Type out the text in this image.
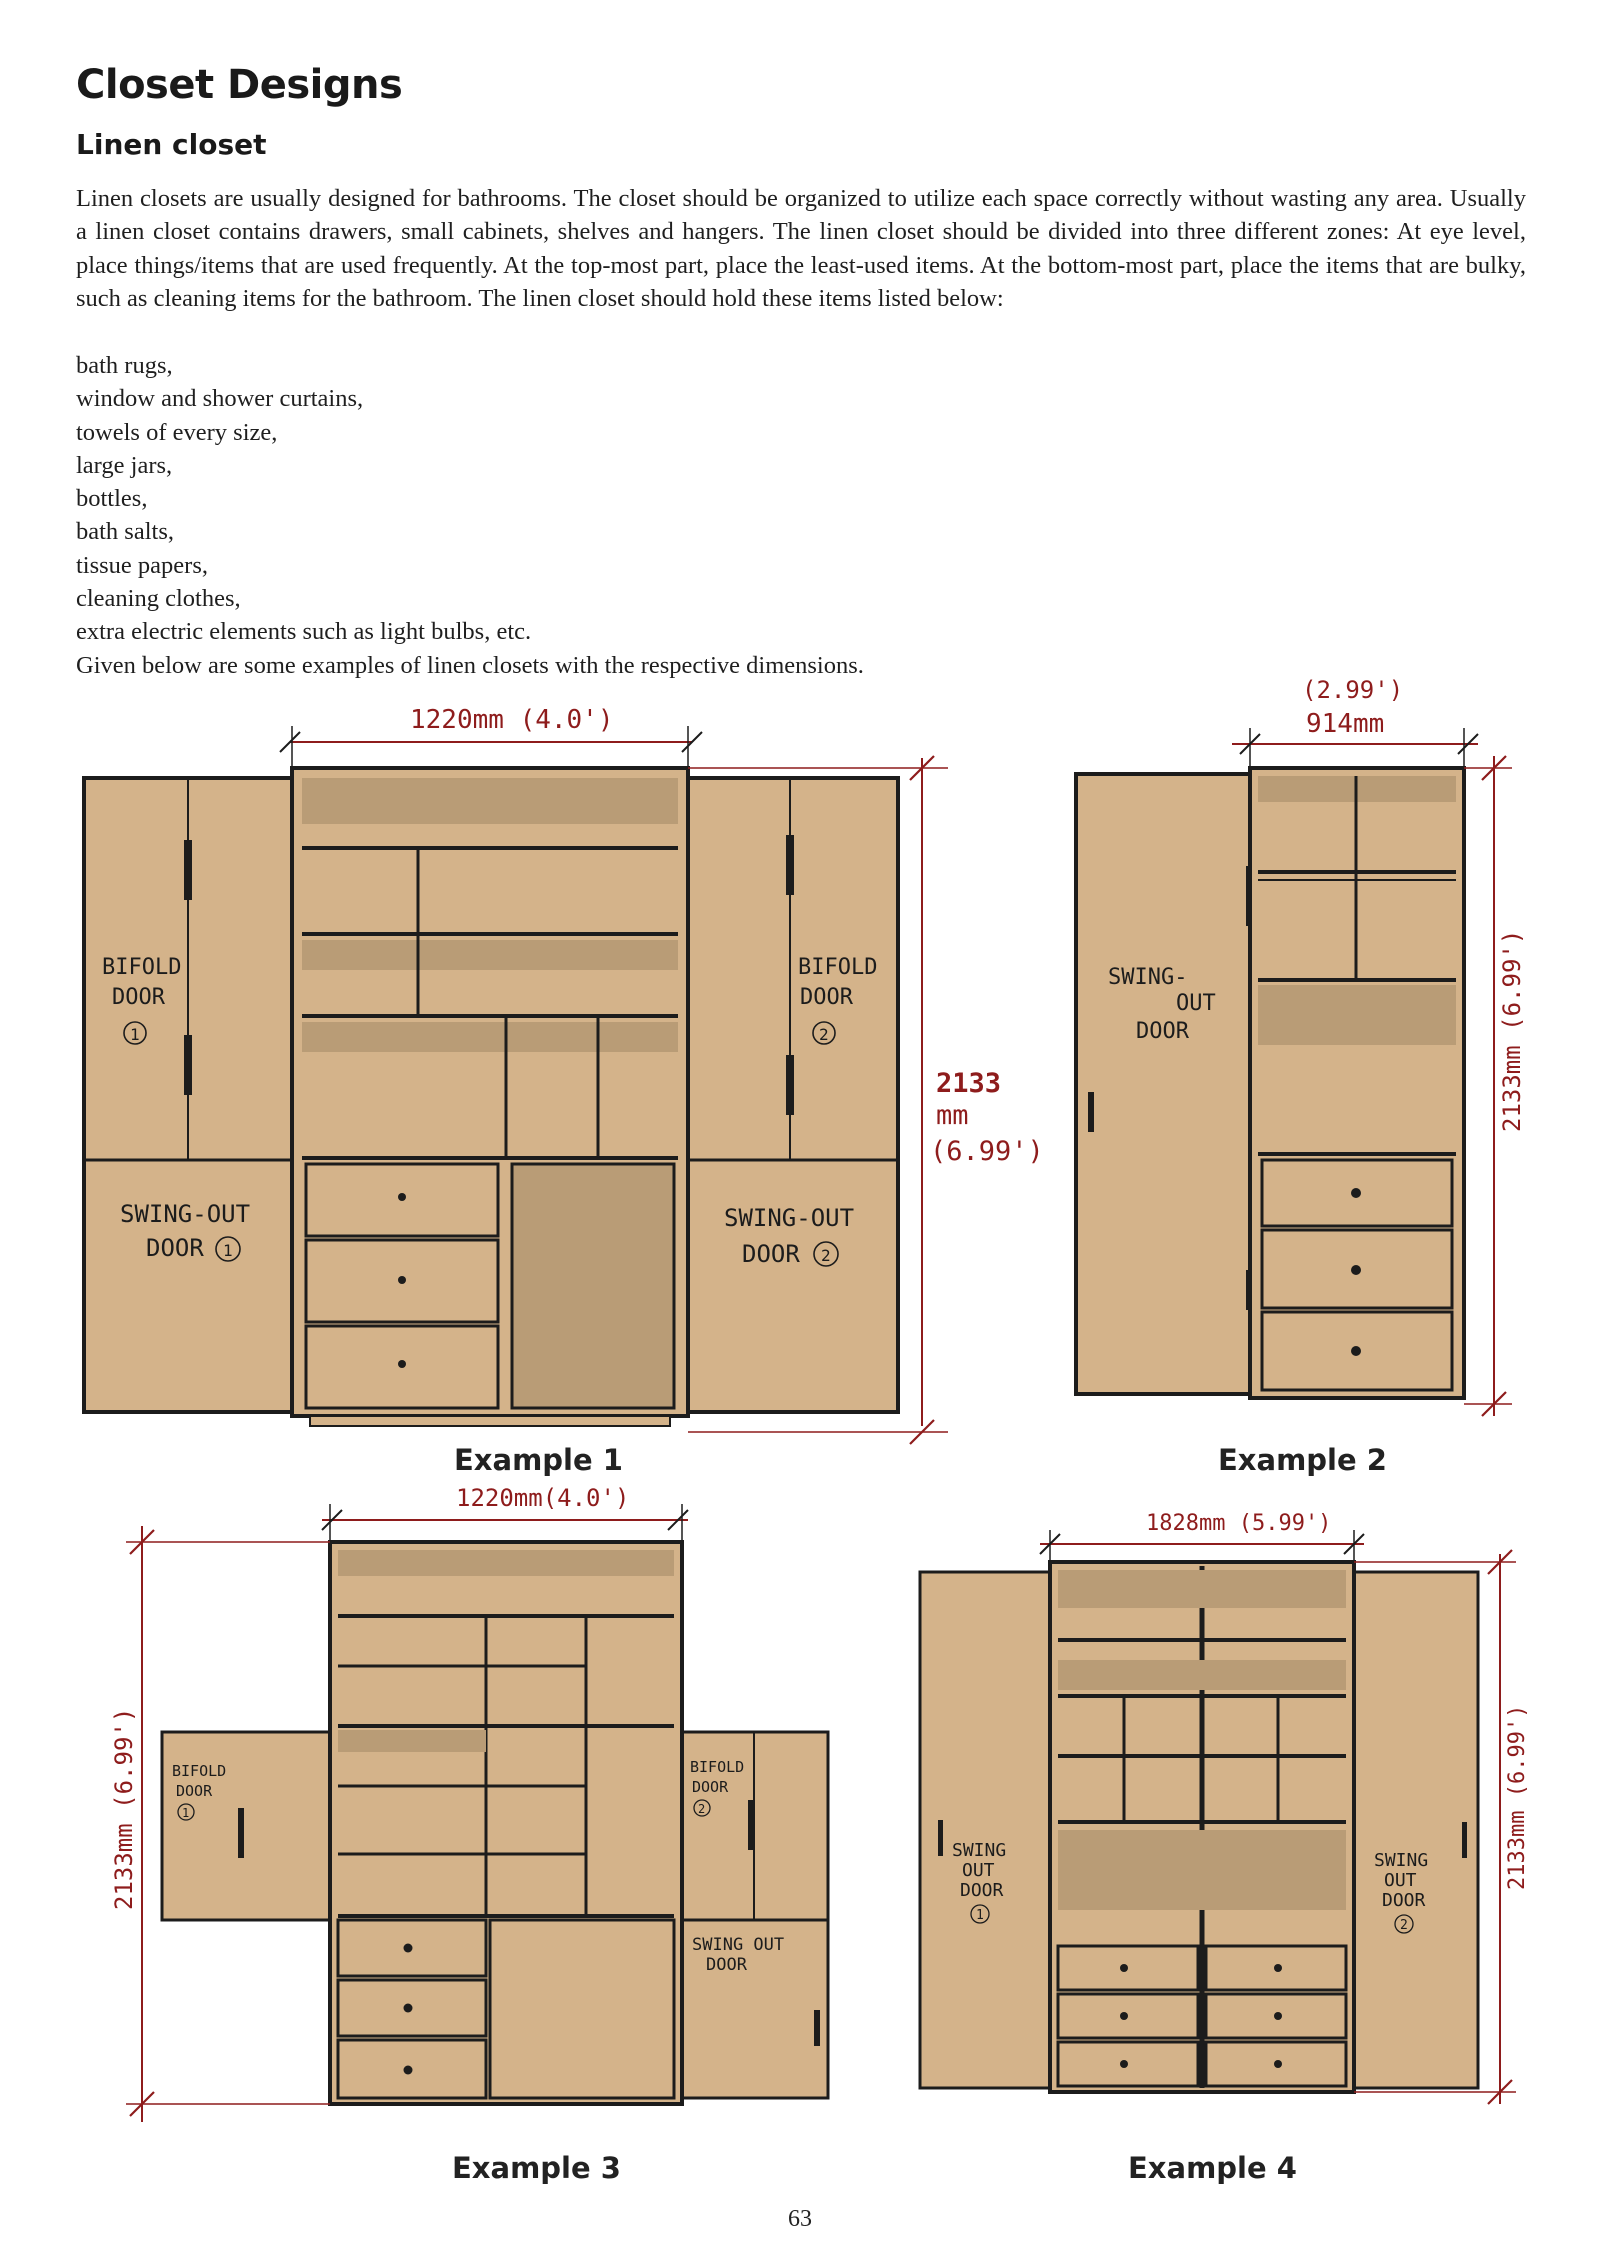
Closet Designs
Linen closet

Linen closets are usually designed for bathrooms. The closet should be organized to utilize each space correctly without wasting any area. Usually a linen closet contains drawers, small cabinets, shelves and hangers. The linen closet should be divided into three different zones: At eye level, place things/items that are used frequently. At the top-most part, place the least-used items. At the bottom-most part, place the items that are bulky, such as cleaning items for the bathroom. The linen closet should hold these items listed below:

bath rugs,
window and shower curtains,
towels of every size,
large jars,
bottles,
bath salts,
tissue papers,
cleaning clothes,
extra electric elements such as light bulbs, etc.

Given below are some examples of linen closets with the respective dimensions.

1220mm (4.0')
2133
mm
(6.99')
BIFOLD
DOOR
1
BIFOLD
DOOR
2
SWING-OUT
DOOR 1
SWING-OUT
DOOR 2
Example 1
(2.99')
914mm
2133mm (6.99')
SWING-
OUT
DOOR
Example 2
1220mm(4.0')
2133mm (6.99') BIFOLD
DOOR
1
BIFOLD
DOOR
2
SWING OUT
DOOR
Example 3
1828mm (5.99')
2133mm (6.99')
SWING
OUT
DOOR
1
SWING
OUT
DOOR
2
Example 4
63
